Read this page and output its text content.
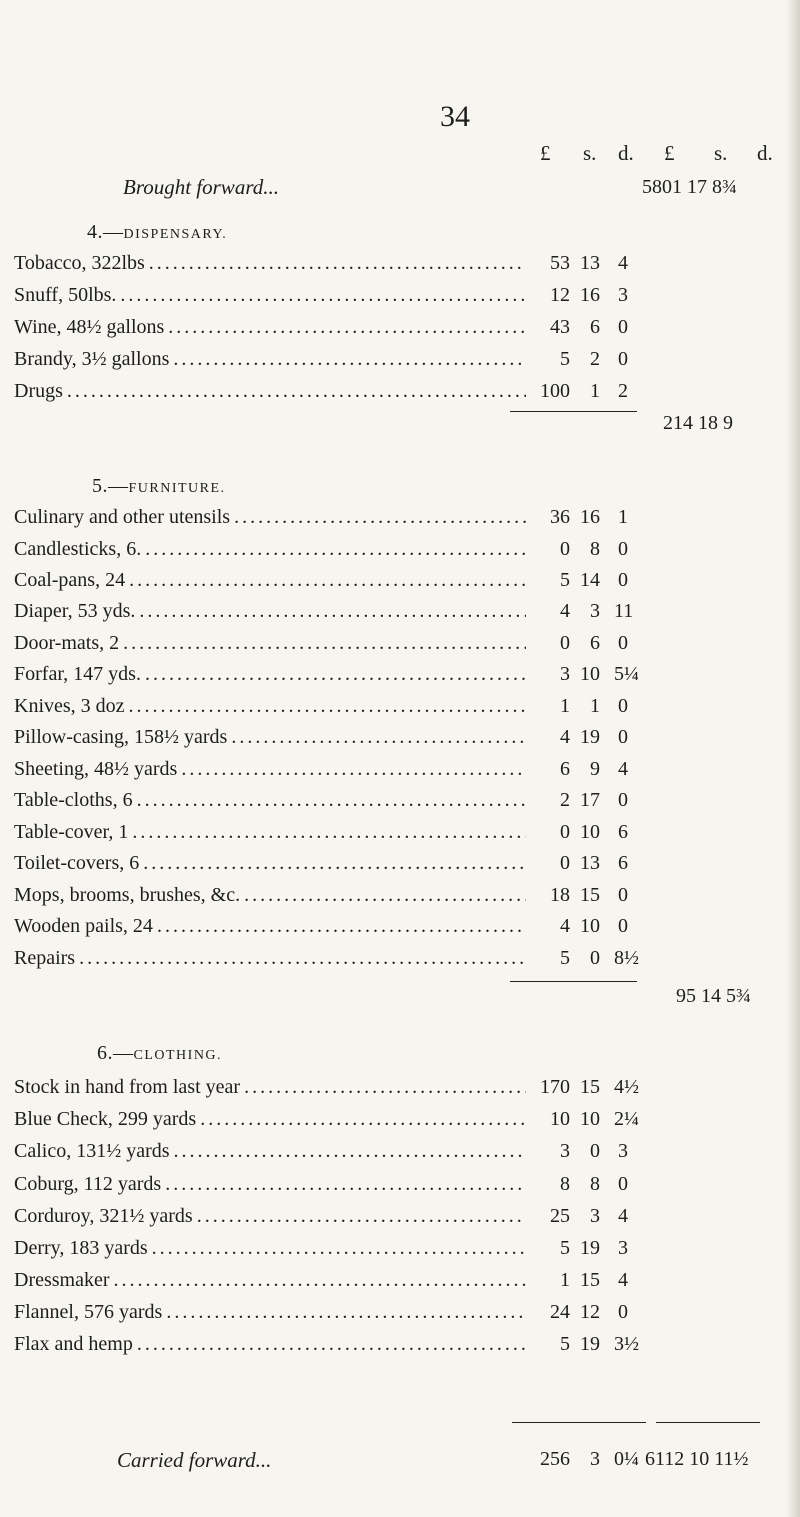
34
£ s. d. £ s. d.
Brought forward...	5801 17 8¾
4.—DISPENSARY.
Tobacco, 322lbs . . .	53 13 4
Snuff, 50lbs. . . .	12 16 3
Wine, 48½ gallons . . .	43	6 0
Brandy, 3½ gallons . . .	5	2 0
Drugs . . .	100	1 2
214 18 9
5.—FURNITURE.
Culinary and other utensils . . .	36 16 1
Candlesticks, 6. . . .	0	8 0
Coal-pans, 24 . . .	5 14 0
Diaper, 53 yds. . . .	4	3 11
Door-mats, 2 . . .	0	6 0
Forfar, 147 yds. . . .	3 10 5¼
Knives, 3 doz . . .	1	1 0
Pillow-casing, 158½ yards . . .	4 19 0
Sheeting, 48½ yards . . .	6	9 4
Table-cloths, 6 . . .	2 17 0
Table-cover, 1 . . .	0 10 6
Toilet-covers, 6 . . .	0 13 6
Mops, brooms, brushes, &c. . . .	18 15 0
Wooden pails, 24 . . .	4 10 0
Repairs . . .	5	0 8½
95 14 5¾
6.—CLOTHING.
Stock in hand from last year . . .	170 15 4½
Blue Check, 299 yards . . .	10 10 2¼
Calico, 131½ yards . . .	3	0 3
Coburg, 112 yards . . .	8	8 0
Corduroy, 321½ yards . . .	25	3 4
Derry, 183 yards . . .	5 19 3
Dressmaker . . .	1 15 4
Flannel, 576 yards . . .	24 12 0
Flax and hemp . . .	5 19 3½
Carried forward...	256	3 0¼ 6112 10 11½
